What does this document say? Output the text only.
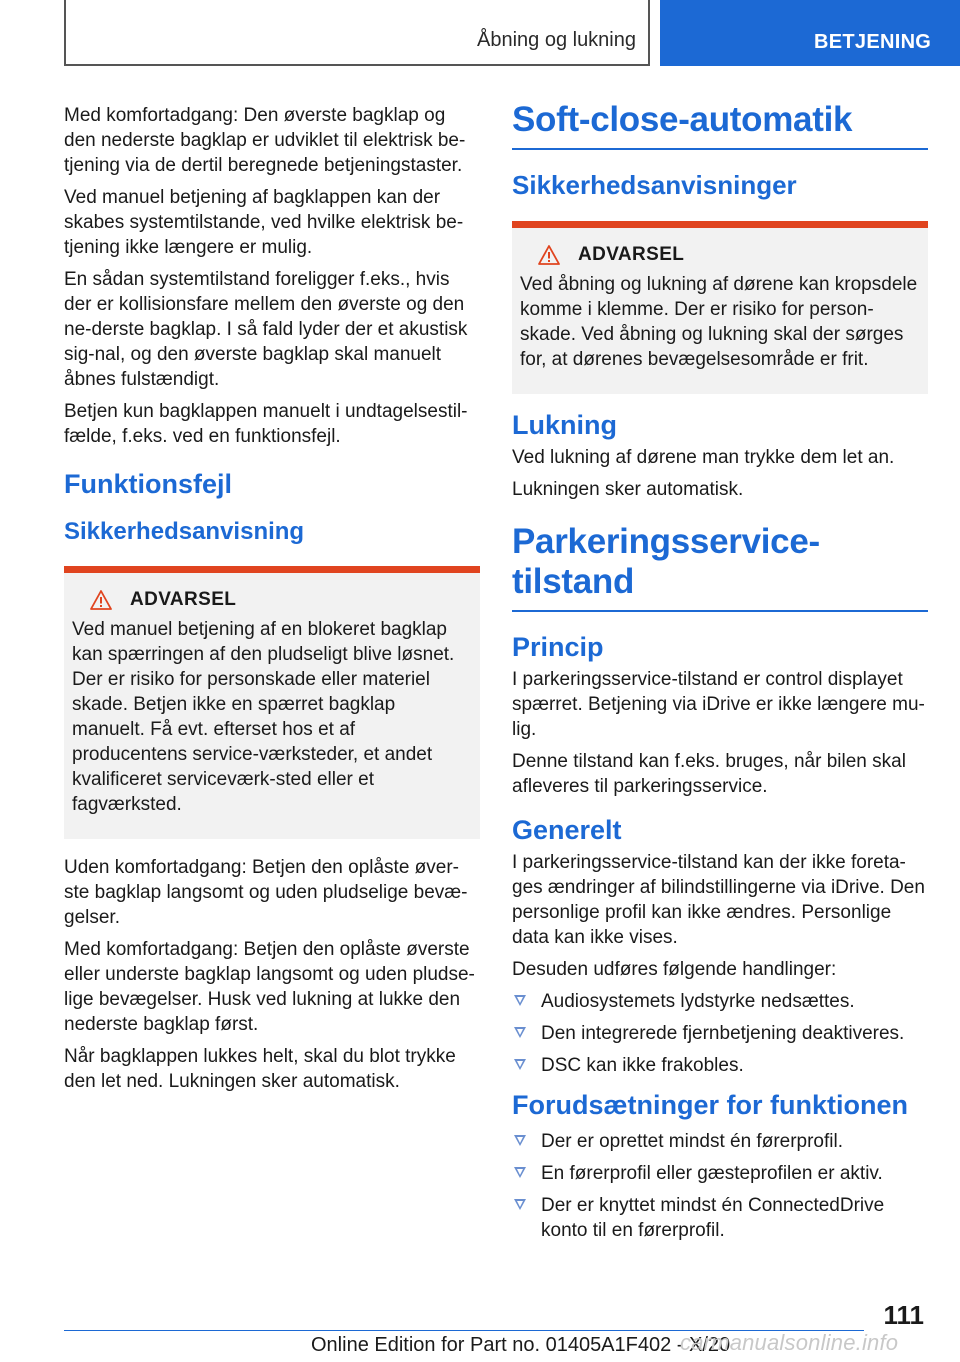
Åbning og lukning	BETJENING

Med komfortadgang: Den øverste bagklap og den nederste bagklap er udviklet til elektrisk be-tjening via de dertil beregnede betjeningstaster.

Ved manuel betjening af bagklappen kan der skabes systemtilstande, ved hvilke elektrisk be-tjening ikke længere er mulig.

En sådan systemtilstand foreligger f.eks., hvis der er kollisionsfare mellem den øverste og den ne-derste bagklap. I så fald lyder der et akustisk sig-nal, og den øverste bagklap skal manuelt åbnes fulstændigt.

Betjen kun bagklappen manuelt i undtagelsestil-fælde, f.eks. ved en funktionsfejl.

Funktionsfejl
Sikkerhedsanvisning
ADVARSEL

Ved manuel betjening af en blokeret bagklap kan spærringen af den pludseligt blive løsnet. Der er risiko for personskade eller materiel skade. Betjen ikke en spærret bagklap manuelt. Få evt. efterset hos et af producentens service-værksteder, et andet kvalificeret serviceværk-sted eller et fagværksted.

Uden komfortadgang: Betjen den oplåste øver-ste bagklap langsomt og uden pludselige bevæ-gelser.

Med komfortadgang: Betjen den oplåste øverste eller underste bagklap langsomt og uden pludse-lige bevægelser. Husk ved lukning at lukke den nederste bagklap først.

Når bagklappen lukkes helt, skal du blot trykke den let ned. Lukningen sker automatisk.

Soft-close-automatik
Sikkerhedsanvisninger
ADVARSEL

Ved åbning og lukning af dørene kan kropsdele komme i klemme. Der er risiko for person-skade. Ved åbning og lukning skal der sørges for, at dørenes bevægelsesområde er frit.

Lukning

Ved lukning af dørene man trykke dem let an.

Lukningen sker automatisk.

Parkeringsservice-tilstand
Princip

I parkeringsservice-tilstand er control displayet spærret. Betjening via iDrive er ikke længere mu-lig.

Denne tilstand kan f.eks. bruges, når bilen skal afleveres til parkeringsservice.

Generelt

I parkeringsservice-tilstand kan der ikke foreta-ges ændringer af bilindstillingerne via iDrive. Den personlige profil kan ikke ændres. Personlige data kan ikke vises.

Desuden udføres følgende handlinger:

Audiosystemets lydstyrke nedsættes.
Den integrerede fjernbetjening deaktiveres.
DSC kan ikke frakobles.
Forudsætninger for funktionen
Der er oprettet mindst én førerprofil.
En førerprofil eller gæsteprofilen er aktiv.
Der er knyttet mindst én ConnectedDrive konto til en førerprofil.
111
Online Edition for Part no. 01405A1F402 - X/20
carmanualsonline.info
